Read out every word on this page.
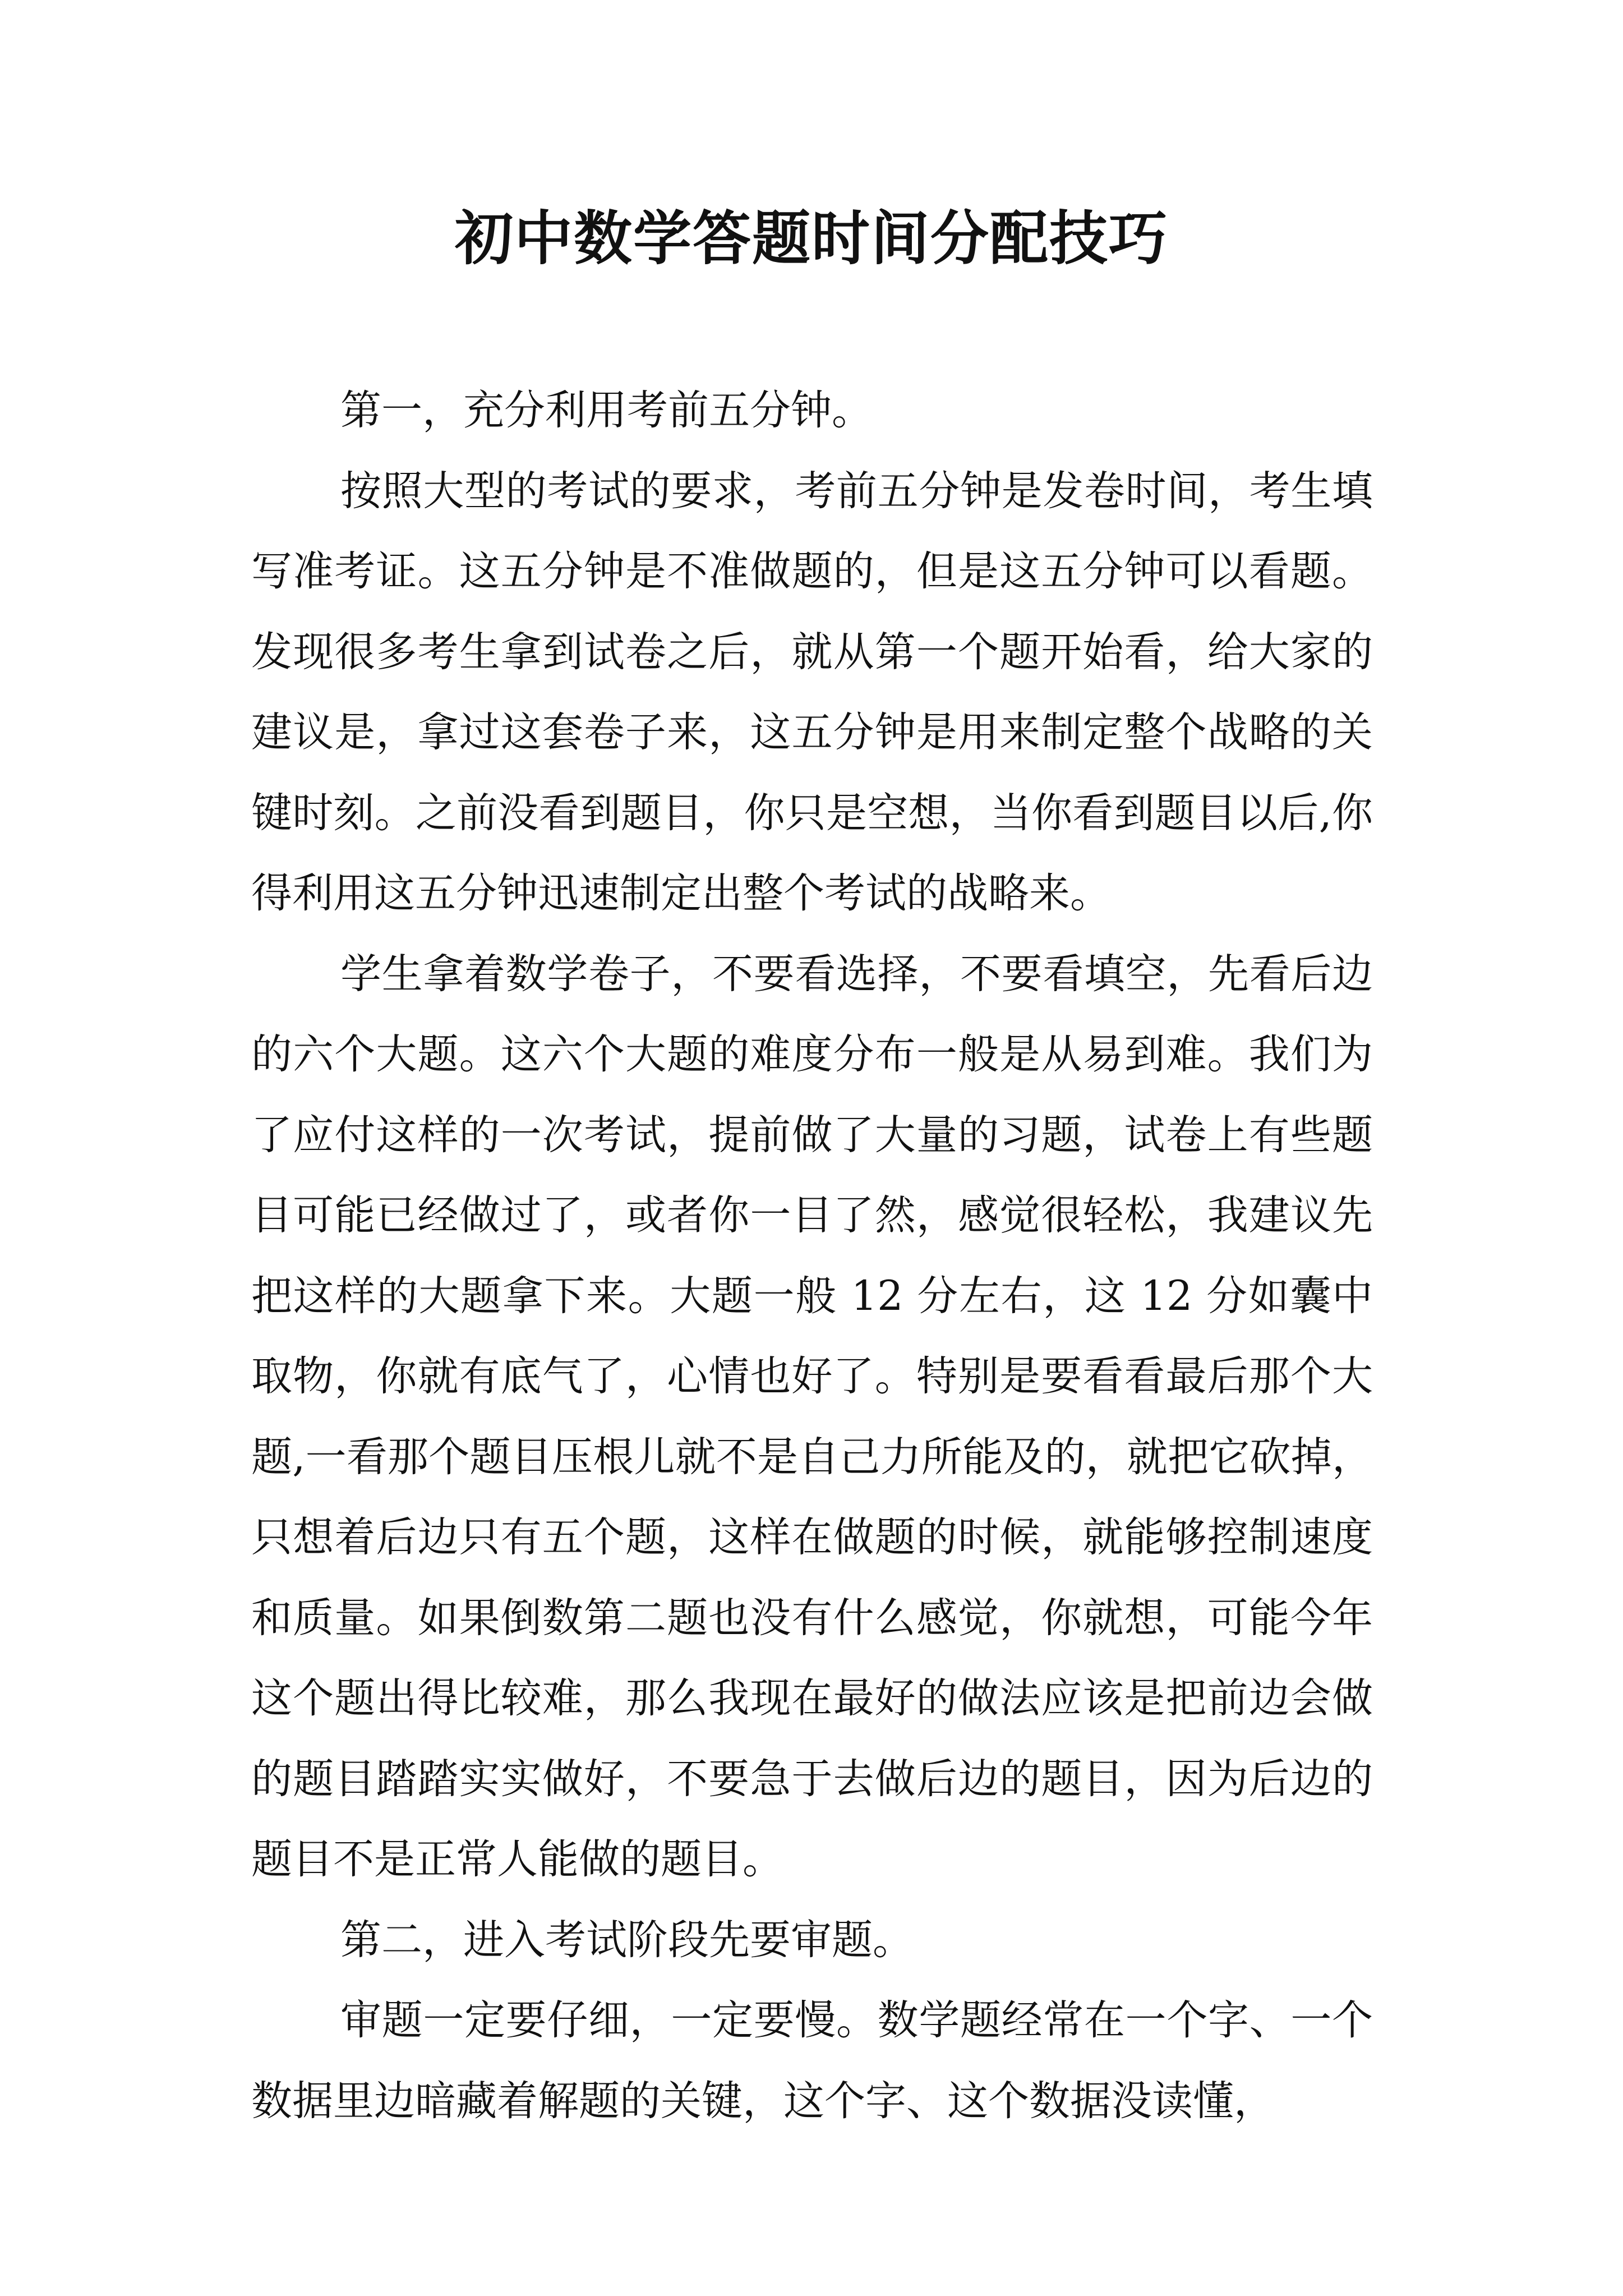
初中数学答题时间分配技巧

第一，充分利用考前五分钟。

按照大型的考试的要求，考前五分钟是发卷时间，考生填写准考证。这五分钟是不准做题的，但是这五分钟可以看题。发现很多考生拿到试卷之后，就从第一个题开始看，给大家的建议是，拿过这套卷子来，这五分钟是用来制定整个战略的关键时刻。之前没看到题目，你只是空想，当你看到题目以后,你得利用这五分钟迅速制定出整个考试的战略来。

学生拿着数学卷子，不要看选择，不要看填空，先看后边的六个大题。这六个大题的难度分布一般是从易到难。我们为了应付这样的一次考试，提前做了大量的习题，试卷上有些题目可能已经做过了，或者你一目了然，感觉很轻松，我建议先把这样的大题拿下来。大题一般 12 分左右，这 12 分如囊中取物，你就有底气了，心情也好了。特别是要看看最后那个大题,一看那个题目压根儿就不是自己力所能及的，就把它砍掉，只想着后边只有五个题，这样在做题的时候，就能够控制速度和质量。如果倒数第二题也没有什么感觉，你就想，可能今年这个题出得比较难，那么我现在最好的做法应该是把前边会做的题目踏踏实实做好，不要急于去做后边的题目，因为后边的题目不是正常人能做的题目。

第二，进入考试阶段先要审题。

审题一定要仔细，一定要慢。数学题经常在一个字、一个数据里边暗藏着解题的关键，这个字、这个数据没读懂，
